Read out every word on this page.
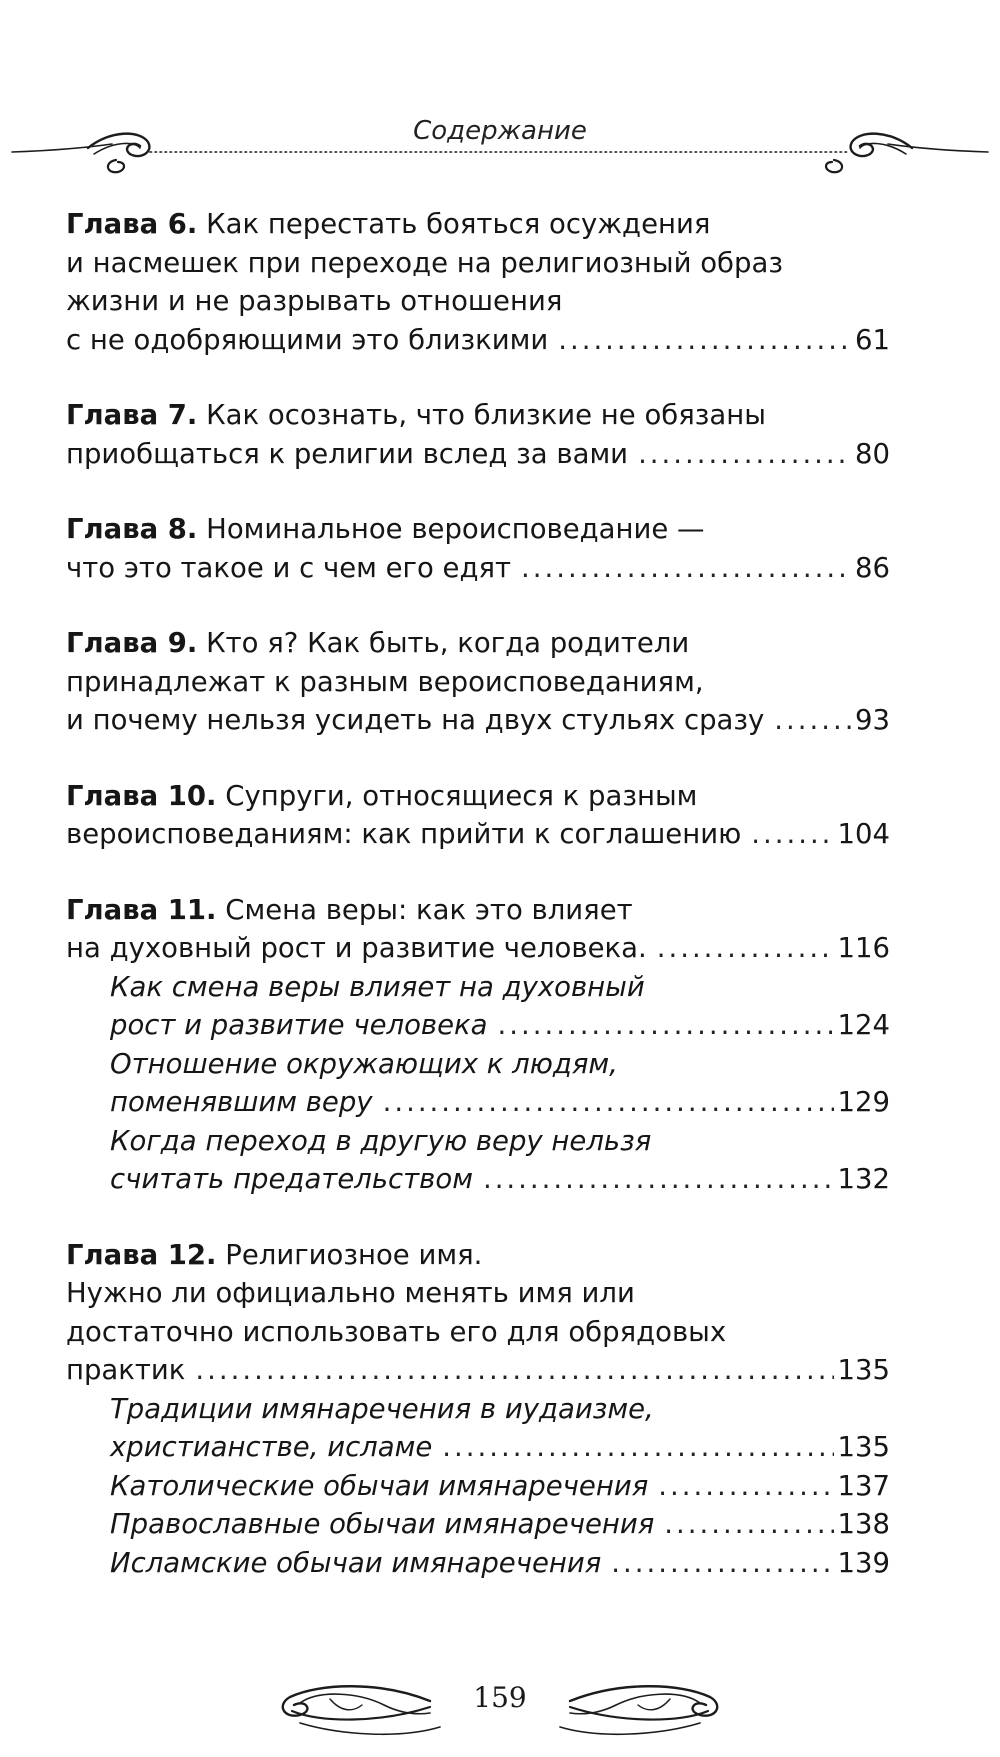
Содержание
Глава 6. Как перестать бояться осуждения
и насмешек при переходе на религиозный образ
жизни и не разрывать отношения
с не одобряющими это близкими .....	61
Глава 7. Как осознать, что близкие не обязаны
приобщаться к религии вслед за вами .....	80
Глава 8. Номинальное вероисповедание —
что это такое и с чем его едят .....	86
Глава 9. Кто я? Как быть, когда родители
принадлежат к разным вероисповеданиям,
и почему нельзя усидеть на двух стульях сразу .....	93
Глава 10. Супруги, относящиеся к разным
вероисповеданиям: как прийти к соглашению .....	104
Глава 11. Смена веры: как это влияет
на духовный рост и развитие человека. .....	116
Как смена веры влияет на духовный
рост и развитие человека .....	124
Отношение окружающих к людям,
поменявшим веру .....	129
Когда переход в другую веру нельзя
считать предательством .....	132
Глава 12. Религиозное имя.
Нужно ли официально менять имя или
достаточно использовать его для обрядовых
практик .....	135
Традиции имянаречения в иудаизме,
христианстве, исламе .....	135
Католические обычаи имянаречения .....	137
Православные обычаи имянаречения .....	138
Исламские обычаи имянаречения .....	139
159
